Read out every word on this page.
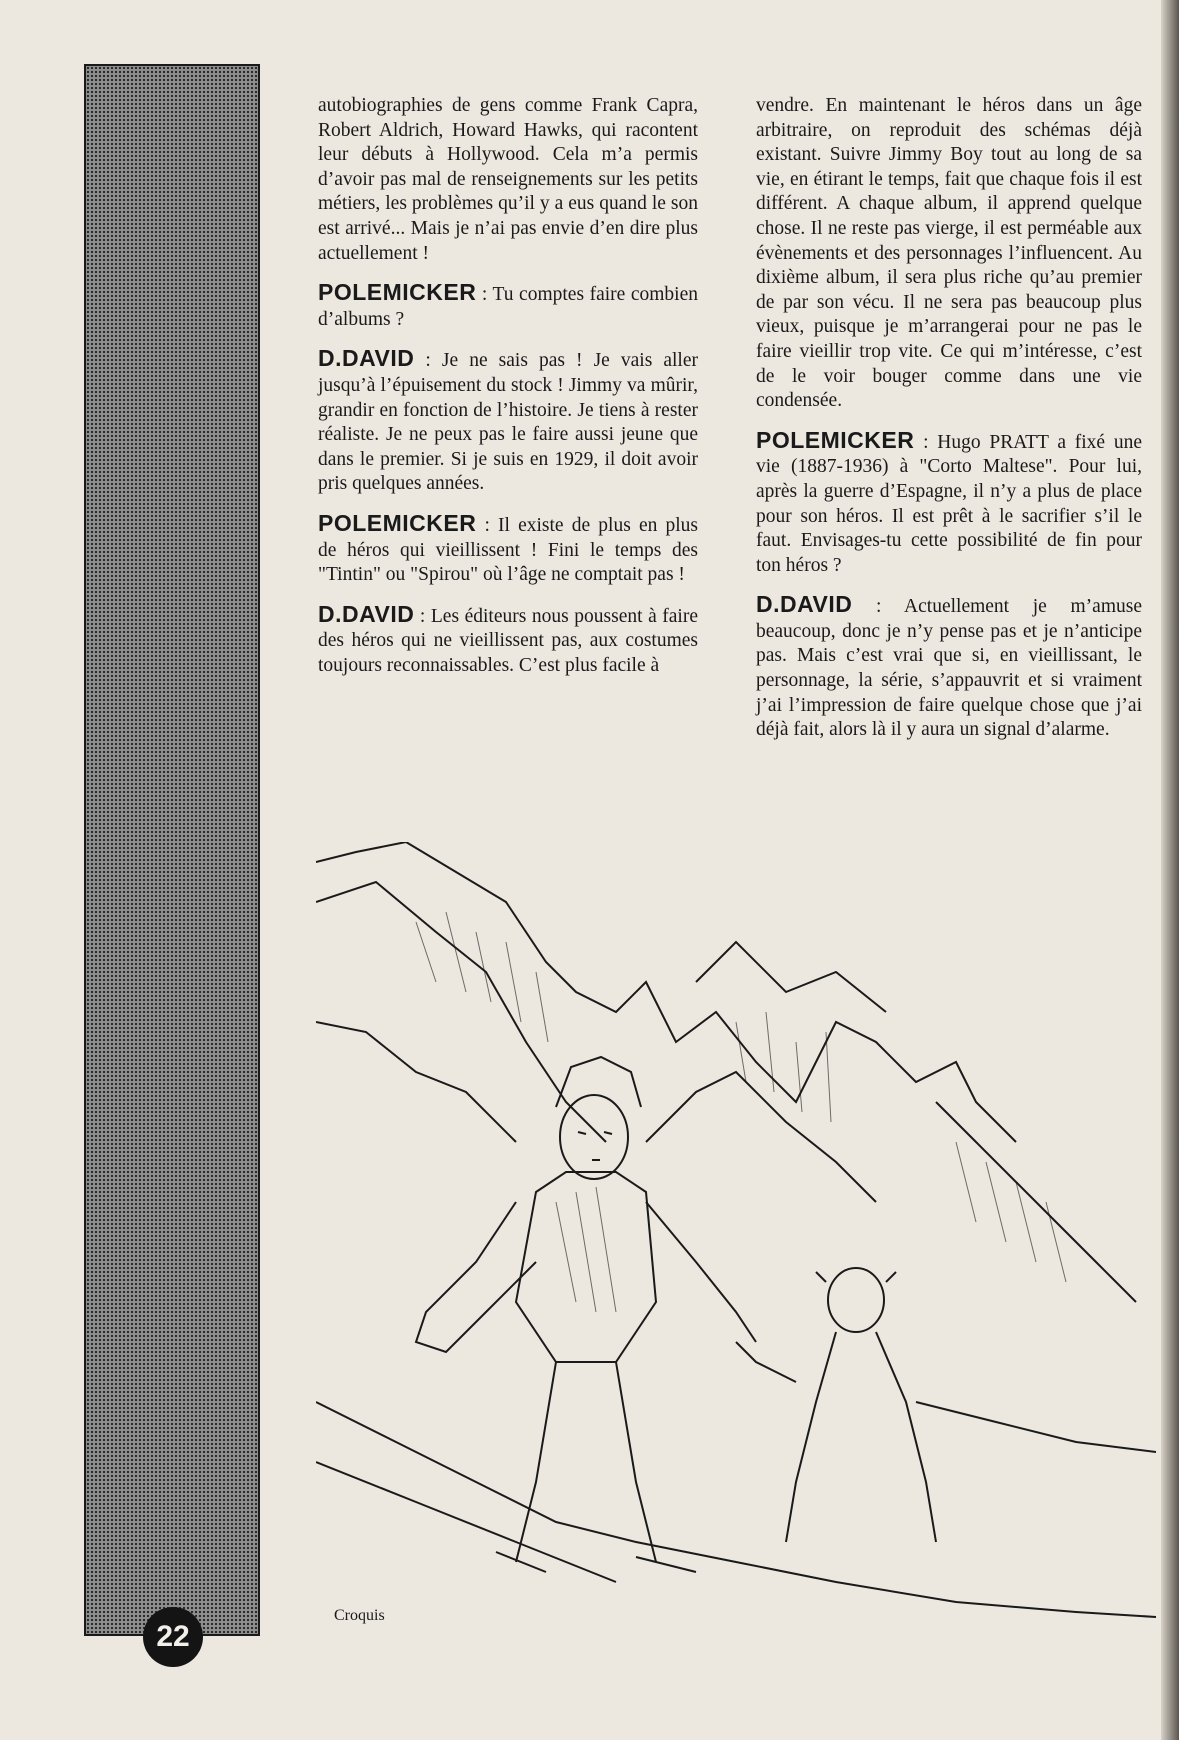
autobiographies de gens comme Frank Capra, Robert Aldrich, Howard Hawks, qui racontent leur débuts à Hollywood. Cela m’a permis d’avoir pas mal de renseignements sur les petits métiers, les problèmes qu’il y a eus quand le son est arrivé... Mais je n’ai pas envie d’en dire plus actuellement !

POLEMICKER : Tu comptes faire combien d’albums ?

D.DAVID : Je ne sais pas ! Je vais aller jusqu’à l’épuisement du stock ! Jimmy va mûrir, grandir en fonction de l’histoire. Je tiens à rester réaliste. Je ne peux pas le faire aussi jeune que dans le premier. Si je suis en 1929, il doit avoir pris quelques années.

POLEMICKER : Il existe de plus en plus de héros qui vieillissent ! Fini le temps des "Tintin" ou "Spirou" où l’âge ne comptait pas !

D.DAVID : Les éditeurs nous poussent à faire des héros qui ne vieillissent pas, aux costumes toujours reconnaissables. C’est plus facile à

vendre. En maintenant le héros dans un âge arbitraire, on reproduit des schémas déjà existant. Suivre Jimmy Boy tout au long de sa vie, en étirant le temps, fait que chaque fois il est différent. A chaque album, il apprend quelque chose. Il ne reste pas vierge, il est perméable aux évènements et des personnages l’influencent. Au dixième album, il sera plus riche qu’au premier de par son vécu. Il ne sera pas beaucoup plus vieux, puisque je m’arrangerai pour ne pas le faire vieillir trop vite. Ce qui m’intéresse, c’est de le voir bouger comme dans une vie condensée.

POLEMICKER : Hugo PRATT a fixé une vie (1887-1936) à "Corto Maltese". Pour lui, après la guerre d’Espagne, il n’y a plus de place pour son héros. Il est prêt à le sacrifier s’il le faut. Envisages-tu cette possibilité de fin pour ton héros ?

D.DAVID : Actuellement je m’amuse beaucoup, donc je n’y pense pas et je n’anticipe pas. Mais c’est vrai que si, en vieillissant, le personnage, la série, s’appauvrit et si vraiment j’ai l’impression de faire quelque chose que j’ai déjà fait, alors là il y aura un signal d’alarme.

Croquis
22
